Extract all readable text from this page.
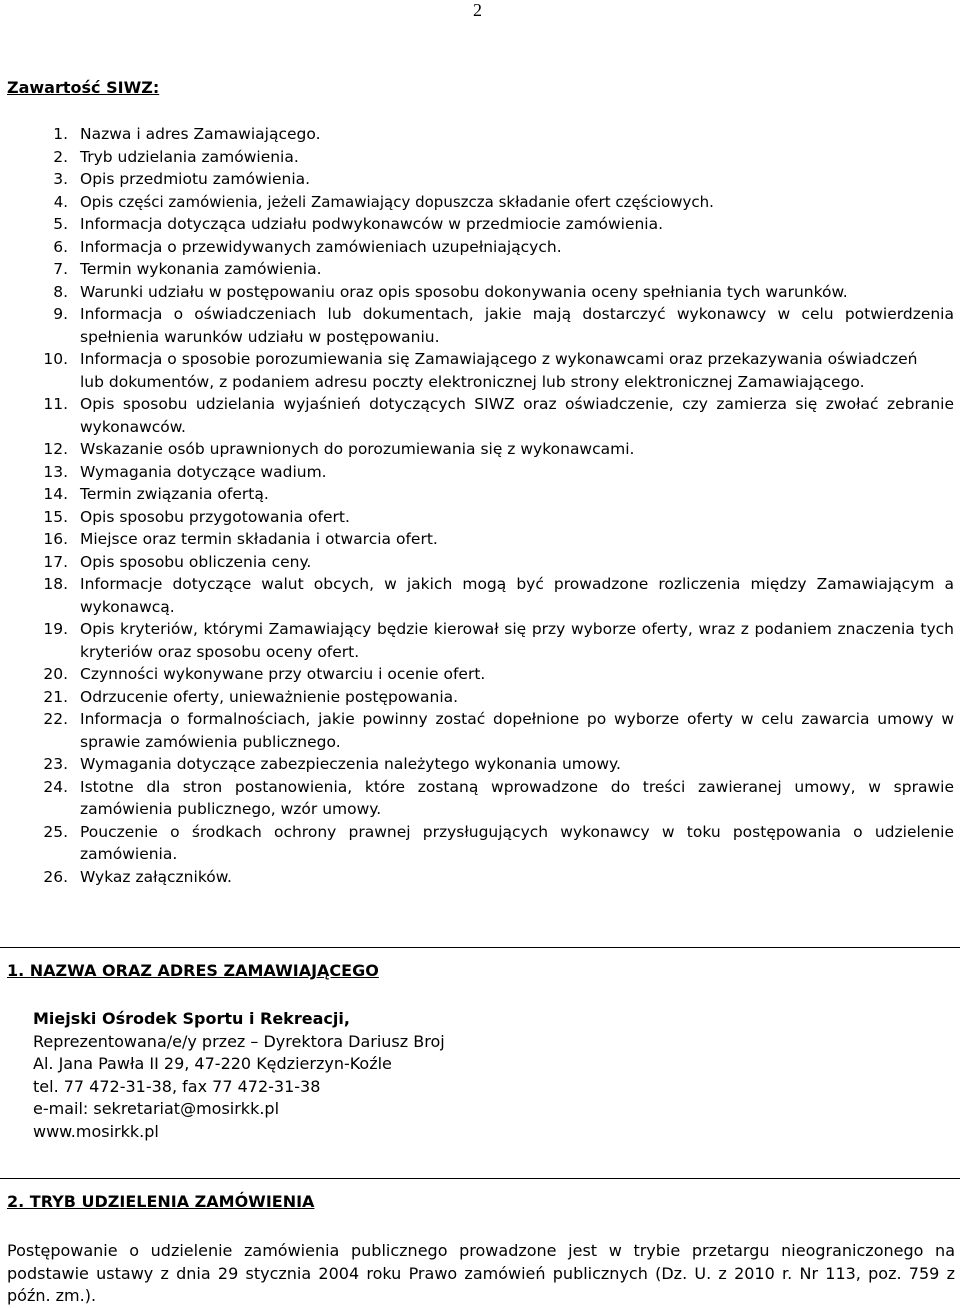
2
Zawartość SIWZ:
1. Nazwa i adres Zamawiającego.
2. Tryb udzielania zamówienia.
3. Opis przedmiotu zamówienia.
4. Opis części zamówienia, jeżeli Zamawiający dopuszcza składanie ofert częściowych.
5. Informacja dotycząca udziału podwykonawców w przedmiocie zamówienia.
6. Informacja o przewidywanych zamówieniach uzupełniających.
7. Termin wykonania zamówienia.
8. Warunki udziału w postępowaniu oraz opis sposobu dokonywania oceny spełniania tych warunków.
9. Informacja o oświadczeniach lub dokumentach, jakie mają dostarczyć wykonawcy w celu potwierdzenia spełnienia warunków udziału w postępowaniu.
10. Informacja o sposobie porozumiewania się Zamawiającego z wykonawcami oraz przekazywania oświadczeń
lub dokumentów, z podaniem adresu poczty elektronicznej lub strony elektronicznej Zamawiającego.
11. Opis sposobu udzielania wyjaśnień dotyczących SIWZ oraz oświadczenie, czy zamierza się zwołać zebranie wykonawców.
12. Wskazanie osób uprawnionych do porozumiewania się z wykonawcami.
13. Wymagania dotyczące wadium.
14. Termin związania ofertą.
15. Opis sposobu przygotowania ofert.
16. Miejsce oraz termin składania i otwarcia ofert.
17. Opis sposobu obliczenia ceny.
18. Informacje dotyczące walut obcych, w jakich mogą być prowadzone rozliczenia między Zamawiającym a wykonawcą.
19. Opis kryteriów, którymi Zamawiający będzie kierował się przy wyborze oferty, wraz z podaniem znaczenia tych kryteriów oraz sposobu oceny ofert.
20. Czynności wykonywane przy otwarciu i ocenie ofert.
21. Odrzucenie oferty, unieważnienie postępowania.
22. Informacja o formalnościach, jakie powinny zostać dopełnione po wyborze oferty w celu zawarcia umowy w sprawie zamówienia publicznego.
23. Wymagania dotyczące zabezpieczenia należytego wykonania umowy.
24. Istotne dla stron postanowienia, które zostaną wprowadzone do treści zawieranej umowy, w sprawie zamówienia publicznego, wzór umowy.
25. Pouczenie o środkach ochrony prawnej przysługujących wykonawcy w toku postępowania o udzielenie zamówienia.
26. Wykaz załączników.
1. NAZWA ORAZ ADRES ZAMAWIAJĄCEGO
Miejski Ośrodek Sportu i Rekreacji,
Reprezentowana/e/y przez – Dyrektora Dariusz Broj
Al. Jana Pawła II 29, 47-220 Kędzierzyn-Koźle
tel. 77 472-31-38, fax 77 472-31-38
e-mail: sekretariat@mosirkk.pl
www.mosirkk.pl
2. TRYB UDZIELENIA ZAMÓWIENIA
Postępowanie o udzielenie zamówienia publicznego prowadzone jest w trybie przetargu nieograniczonego na podstawie ustawy z dnia 29 stycznia 2004 roku Prawo zamówień publicznych (Dz. U. z 2010 r. Nr 113, poz. 759 z późn. zm.).
